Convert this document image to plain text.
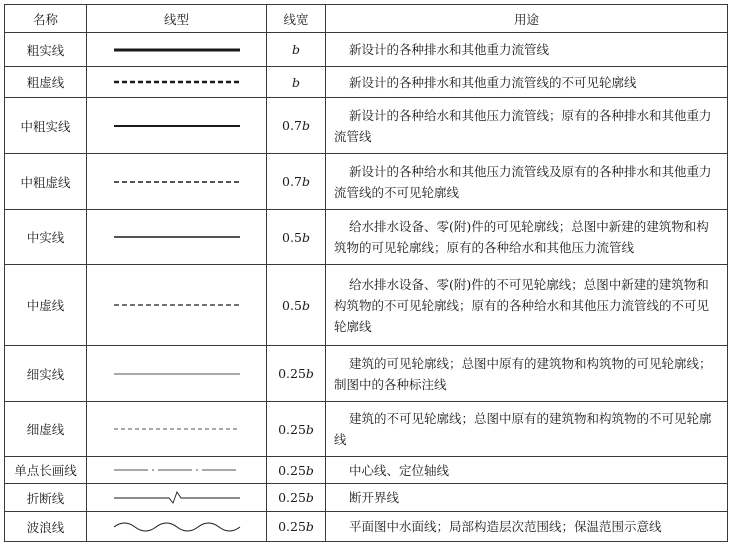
名称	线型	线宽	用途
粗实线		b	新设计的各种排水和其他重力流管线

粗虚线		b	新设计的各种排水和其他重力流管线的不可见轮廓线

中粗实线		0.7b	新设计的各种给水和其他压力流管线；原有的各种排水和其他重力流管线

中粗虚线		0.7b	新设计的各种给水和其他压力流管线及原有的各种排水和其他重力流管线的不可见轮廓线

中实线		0.5b	给水排水设备、零(附)件的可见轮廓线；总图中新建的建筑物和构筑物的可见轮廓线；原有的各种给水和其他压力流管线

中虚线		0.5b	给水排水设备、零(附)件的不可见轮廓线；总图中新建的建筑物和构筑物的不可见轮廓线；原有的各种给水和其他压力流管线的不可见轮廓线

细实线		0.25b	建筑的可见轮廓线；总图中原有的建筑物和构筑物的可见轮廓线；制图中的各种标注线

细虚线		0.25b	建筑的不可见轮廓线；总图中原有的建筑物和构筑物的不可见轮廓线

单点长画线		0.25b	中心线、定位轴线

折断线		0.25b	断开界线

波浪线		0.25b	平面图中水面线；局部构造层次范围线；保温范围示意线
